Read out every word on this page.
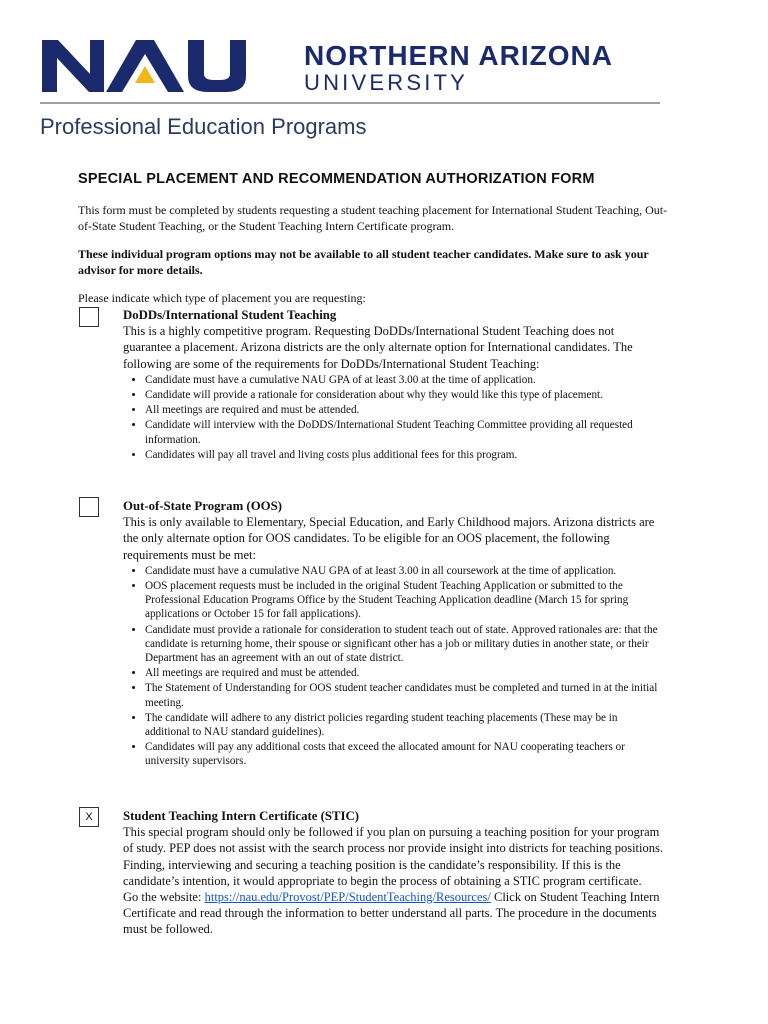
NORTHERN ARIZONA
UNIVERSITY
Professional Education Programs
SPECIAL PLACEMENT AND RECOMMENDATION AUTHORIZATION FORM
This form must be completed by students requesting a student teaching placement for International Student Teaching, Out-of-State Student Teaching, or the Student Teaching Intern Certificate program.
These individual program options may not be available to all student teacher candidates. Make sure to ask your advisor for more details.
Please indicate which type of placement you are requesting:

DoDDs/International Student Teaching

This is a highly competitive program. Requesting DoDDs/International Student Teaching does not guarantee a placement. Arizona districts are the only alternate option for International candidates. The following are some of the requirements for DoDDs/International Student Teaching:

• Candidate must have a cumulative NAU GPA of at least 3.00 at the time of application.
• Candidate will provide a rationale for consideration about why they would like this type of placement.
• All meetings are required and must be attended.
• Candidate will interview with the DoDDS/International Student Teaching Committee providing all requested information.
• Candidates will pay all travel and living costs plus additional fees for this program.

Out-of-State Program (OOS)

This is only available to Elementary, Special Education, and Early Childhood majors. Arizona districts are the only alternate option for OOS candidates. To be eligible for an OOS placement, the following requirements must be met:

• Candidate must have a cumulative NAU GPA of at least 3.00 in all coursework at the time of application.
• OOS placement requests must be included in the original Student Teaching Application or submitted to the Professional Education Programs Office by the Student Teaching Application deadline (March 15 for spring applications or October 15 for fall applications).
• Candidate must provide a rationale for consideration to student teach out of state. Approved rationales are: that the candidate is returning home, their spouse or significant other has a job or military duties in another state, or their Department has an agreement with an out of state district.
• All meetings are required and must be attended.
• The Statement of Understanding for OOS student teacher candidates must be completed and turned in at the initial meeting.
• The candidate will adhere to any district policies regarding student teaching placements (These may be in additional to NAU standard guidelines).
• Candidates will pay any additional costs that exceed the allocated amount for NAU cooperating teachers or university supervisors.
X	Student Teaching Intern Certificate (STIC)

This special program should only be followed if you plan on pursuing a teaching position for your program of study. PEP does not assist with the search process nor provide insight into districts for teaching positions. Finding, interviewing and securing a teaching position is the candidate’s responsibility. If this is the candidate’s intention, it would appropriate to begin the process of obtaining a STIC program certificate.

Go the website: https://nau.edu/Provost/PEP/StudentTeaching/Resources/ Click on Student Teaching Intern Certificate and read through the information to better understand all parts. The procedure in the documents must be followed.
